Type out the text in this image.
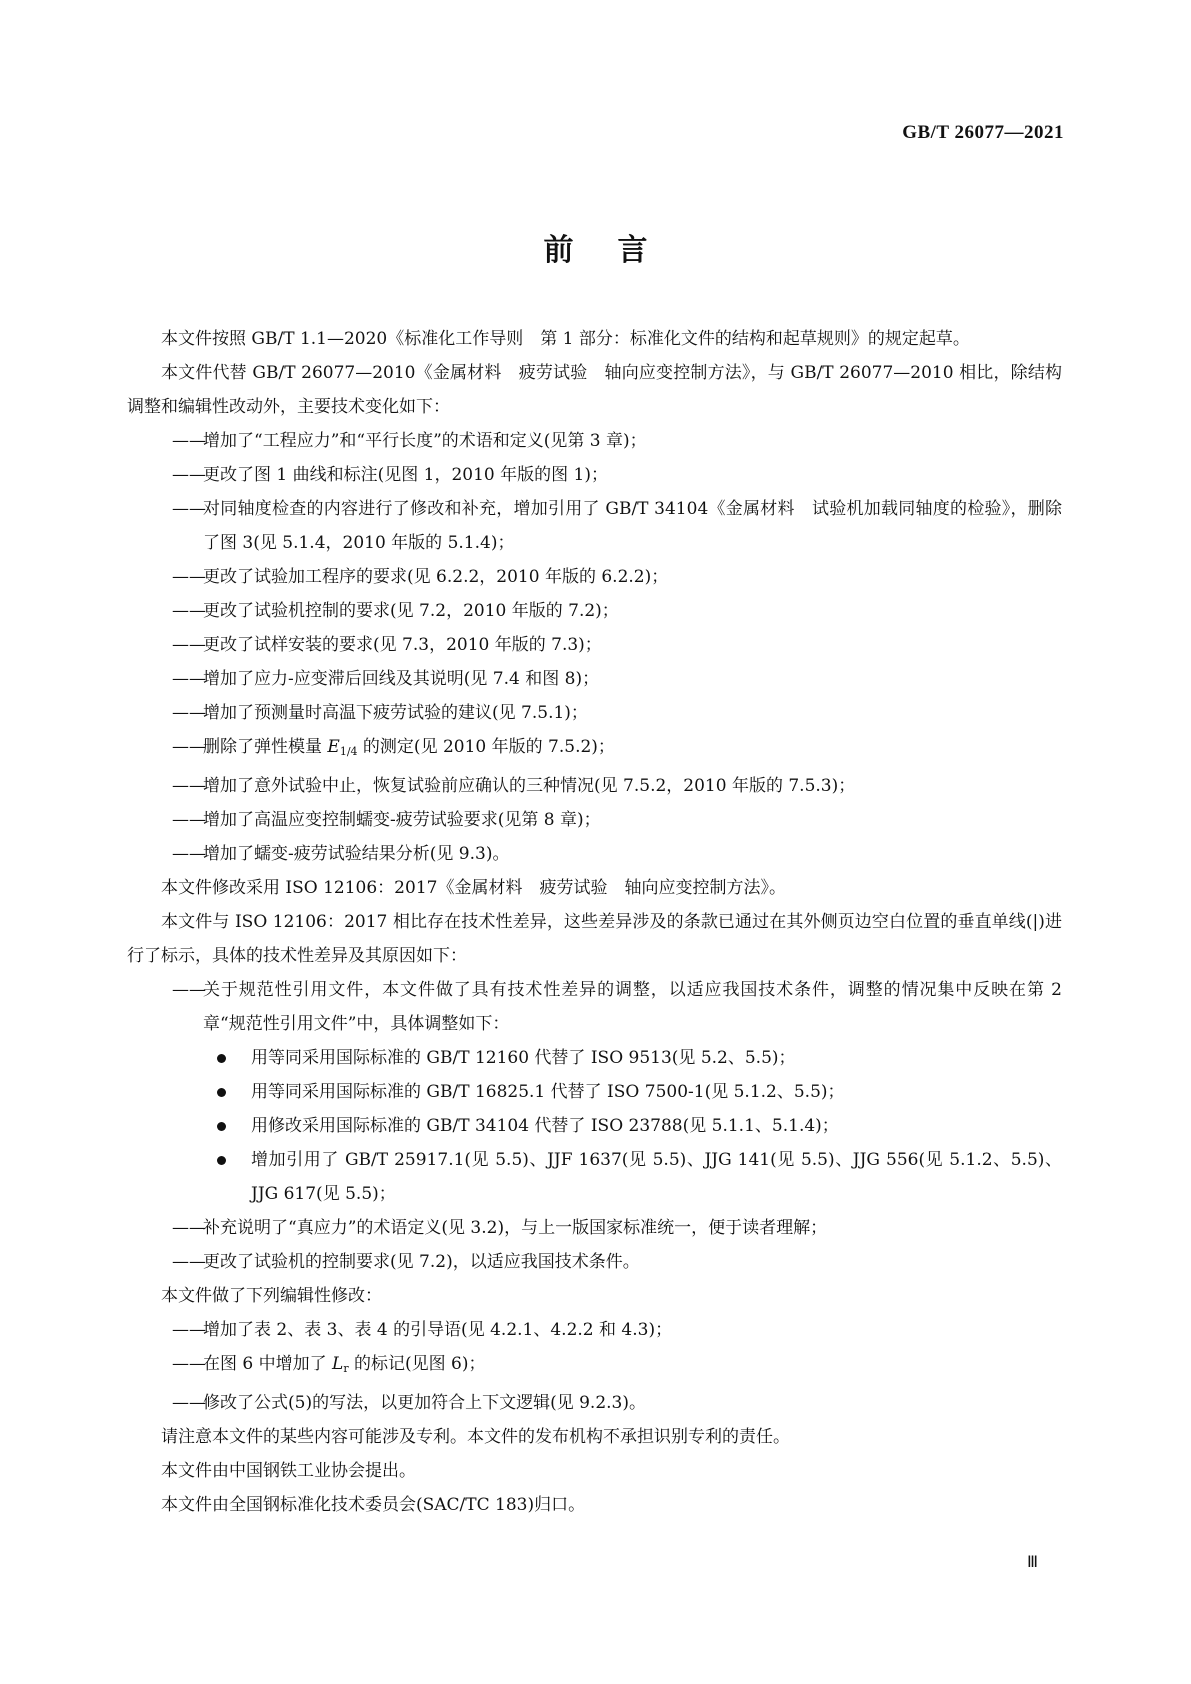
GB/T 26077—2021
前言

本文件按照 GB/T 1.1—2020《标准化工作导则　第 1 部分：标准化文件的结构和起草规则》的规定起草。

本文件代替 GB/T 26077—2010《金属材料　疲劳试验　轴向应变控制方法》，与 GB/T 26077—2010 相比，除结构调整和编辑性改动外，主要技术变化如下：

——
增加了“工程应力”和“平行长度”的术语和定义(见第 3 章)；

——
更改了图 1 曲线和标注(见图 1，2010 年版的图 1)；

——
对同轴度检查的内容进行了修改和补充，增加引用了 GB/T 34104《金属材料　试验机加载同轴度的检验》，删除了图 3(见 5.1.4，2010 年版的 5.1.4)；

——
更改了试验加工程序的要求(见 6.2.2，2010 年版的 6.2.2)；

——
更改了试验机控制的要求(见 7.2，2010 年版的 7.2)；

——
更改了试样安装的要求(见 7.3，2010 年版的 7.3)；

——
增加了应力-应变滞后回线及其说明(见 7.4 和图 8)；

——
增加了预测量时高温下疲劳试验的建议(见 7.5.1)；

——
删除了弹性模量 $E_{1/4}$ 的测定(见 2010 年版的 7.5.2)；

——
增加了意外试验中止，恢复试验前应确认的三种情况(见 7.5.2，2010 年版的 7.5.3)；

——
增加了高温应变控制蠕变-疲劳试验要求(见第 8 章)；

——
增加了蠕变-疲劳试验结果分析(见 9.3)。

本文件修改采用 ISO 12106：2017《金属材料　疲劳试验　轴向应变控制方法》。

本文件与 ISO 12106：2017 相比存在技术性差异，这些差异涉及的条款已通过在其外侧页边空白位置的垂直单线(|)进行了标示，具体的技术性差异及其原因如下：

——
关于规范性引用文件，本文件做了具有技术性差异的调整，以适应我国技术条件，调整的情况集中反映在第 2 章“规范性引用文件”中，具体调整如下：

用等同采用国际标准的 GB/T 12160 代替了 ISO 9513(见 5.2、5.5)；

用等同采用国际标准的 GB/T 16825.1 代替了 ISO 7500-1(见 5.1.2、5.5)；

用修改采用国际标准的 GB/T 34104 代替了 ISO 23788(见 5.1.1、5.1.4)；

增加引用了 GB/T 25917.1(见 5.5)、JJF 1637(见 5.5)、JJG 141(见 5.5)、JJG 556(见 5.1.2、5.5)、JJG 617(见 5.5)；

——
补充说明了“真应力”的术语定义(见 3.2)，与上一版国家标准统一，便于读者理解；

——
更改了试验机的控制要求(见 7.2)，以适应我国技术条件。

本文件做了下列编辑性修改：

——
增加了表 2、表 3、表 4 的引导语(见 4.2.1、4.2.2 和 4.3)；

——
在图 6 中增加了 $L_r$ 的标记(见图 6)；

——
修改了公式(5)的写法，以更加符合上下文逻辑(见 9.2.3)。

请注意本文件的某些内容可能涉及专利。本文件的发布机构不承担识别专利的责任。

本文件由中国钢铁工业协会提出。

本文件由全国钢标准化技术委员会(SAC/TC 183)归口。

Ⅲ
